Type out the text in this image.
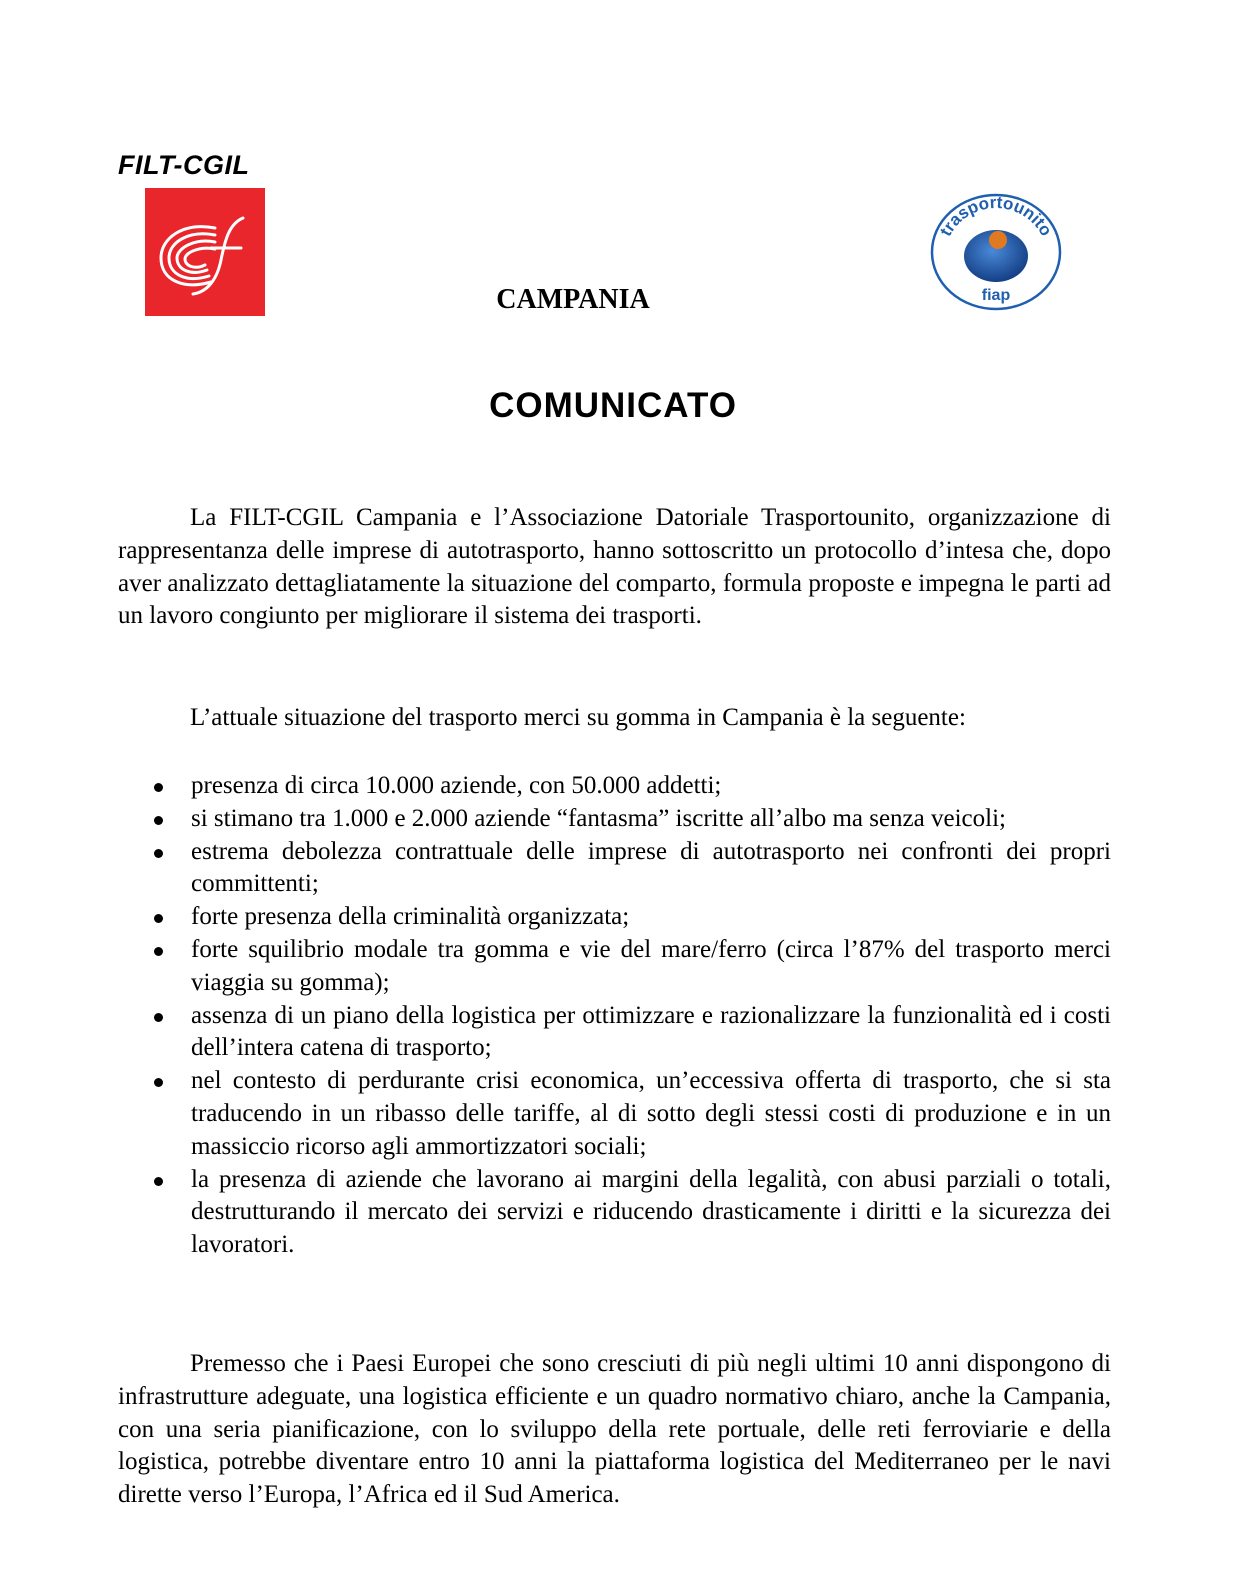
FILT-CGIL
trasportounito
fiap
CAMPANIA
COMUNICATO

La FILT-CGIL Campania e l’Associazione Datoriale Trasportounito, organizzazione di rappresentanza delle imprese di autotrasporto, hanno sottoscritto un protocollo d’intesa che, dopo aver analizzato dettagliatamente la situazione del comparto, formula proposte e impegna le parti ad un lavoro congiunto per migliorare il sistema dei trasporti.

L’attuale situazione del trasporto merci su gomma in Campania è la seguente:

presenza di circa 10.000 aziende, con 50.000 addetti;
si stimano tra 1.000 e 2.000 aziende “fantasma” iscritte all’albo ma senza veicoli;
estrema debolezza contrattuale delle imprese di autotrasporto nei confronti dei propri committenti;
forte presenza della criminalità organizzata;
forte squilibrio modale tra gomma e vie del mare/ferro (circa l’87% del trasporto merci viaggia su gomma);
assenza di un piano della logistica per ottimizzare e razionalizzare la funzionalità ed i costi dell’intera catena di trasporto;
nel contesto di perdurante crisi economica, un’eccessiva offerta di trasporto, che si sta traducendo in un ribasso delle tariffe, al di sotto degli stessi costi di produzione e in un massiccio ricorso agli ammortizzatori sociali;
la presenza di aziende che lavorano ai margini della legalità, con abusi parziali o totali, destrutturando il mercato dei servizi e riducendo drasticamente i diritti e la sicurezza dei lavoratori.

Premesso che i Paesi Europei che sono cresciuti di più negli ultimi 10 anni dispongono di infrastrutture adeguate, una logistica efficiente e un quadro normativo chiaro, anche la Campania, con una seria pianificazione, con lo sviluppo della rete portuale, delle reti ferroviarie e della logistica, potrebbe diventare entro 10 anni la piattaforma logistica del Mediterraneo per le navi dirette verso l’Europa, l’Africa ed il Sud America.
